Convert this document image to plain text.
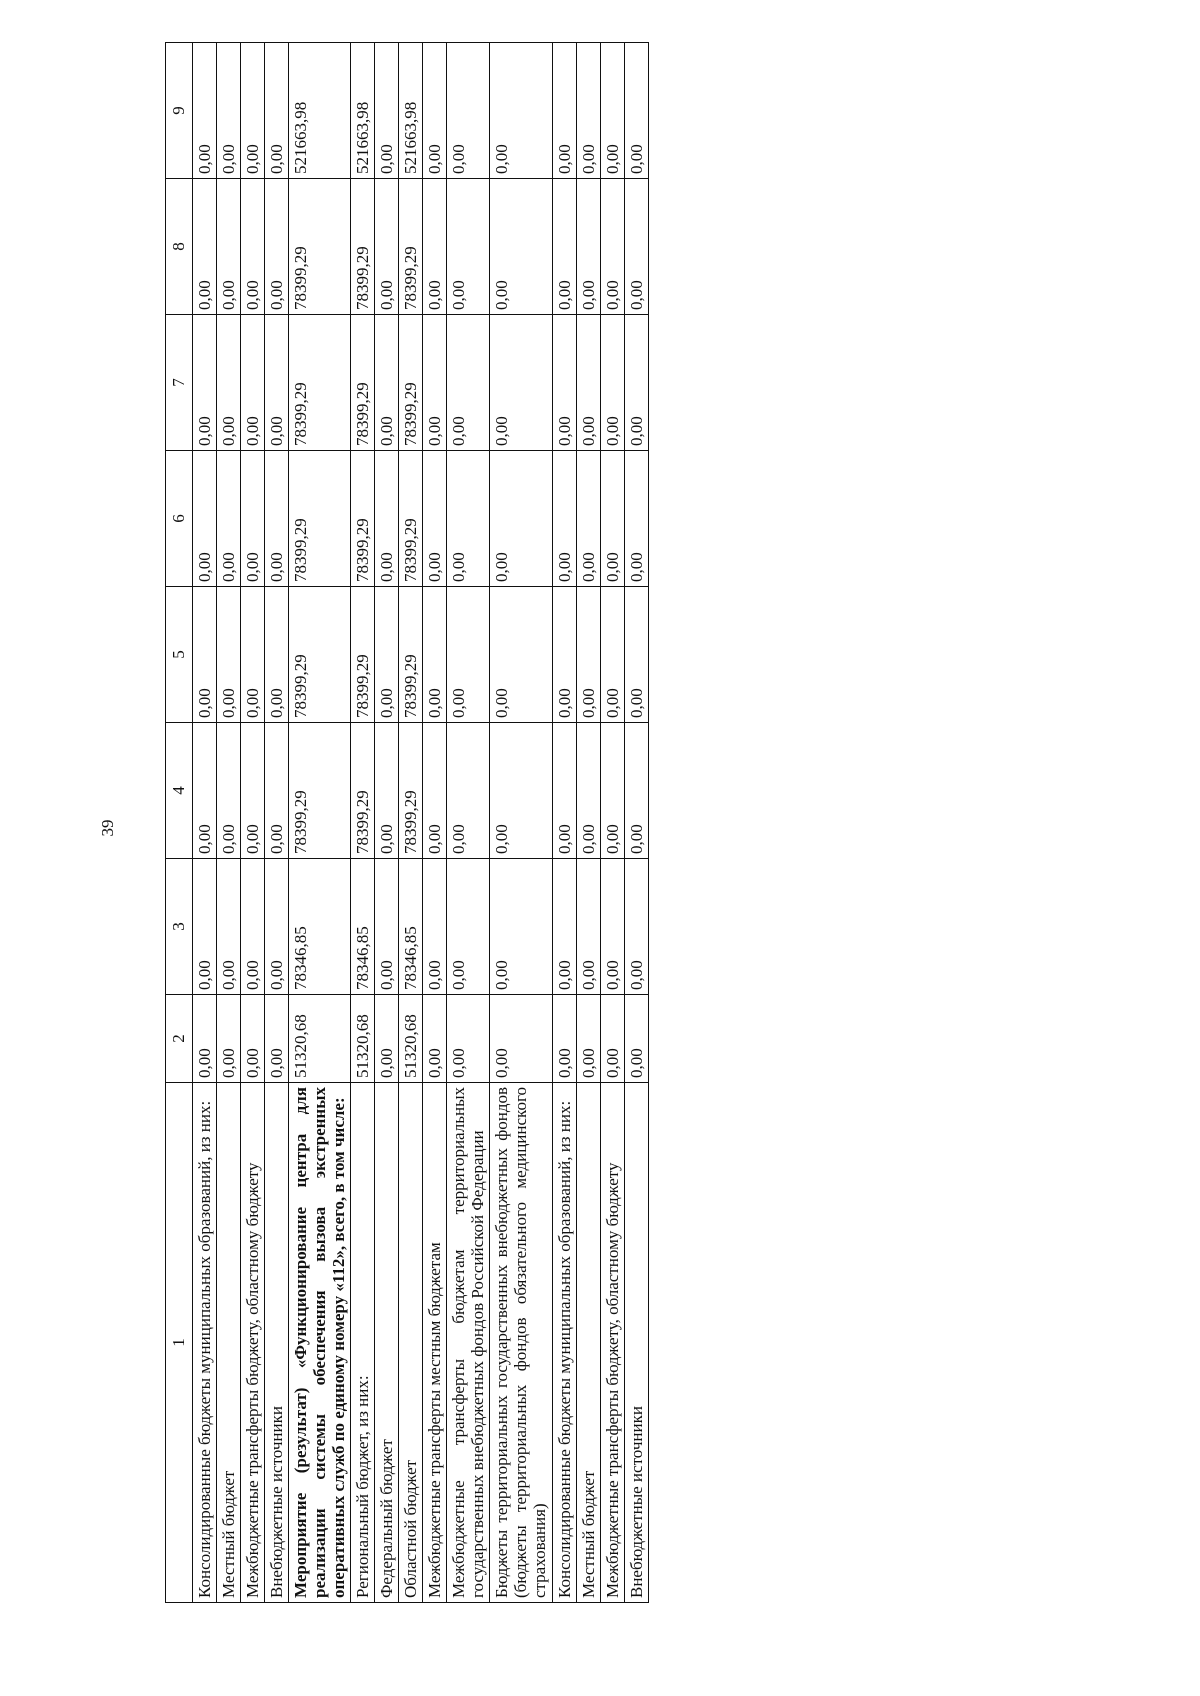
39
1	2	3	4	5	6	7	8	9
Консолидированные бюджеты муниципальных образований, из них:	0,00	0,00	0,00	0,00	0,00	0,00	0,00	0,00
Местный бюджет	0,00	0,00	0,00	0,00	0,00	0,00	0,00	0,00
Межбюджетные трансферты бюджету, областному бюджету	0,00	0,00	0,00	0,00	0,00	0,00	0,00	0,00
Внебюджетные источники	0,00	0,00	0,00	0,00	0,00	0,00	0,00	0,00
Мероприятие (результат) «Функционирование центра для реализации системы обеспечения вызова экстренных оперативных служб по единому номеру «112», всего, в том числе:	51320,68	78346,85	78399,29	78399,29	78399,29	78399,29	78399,29	521663,98
Региональный бюджет, из них:	51320,68	78346,85	78399,29	78399,29	78399,29	78399,29	78399,29	521663,98
Федеральный бюджет	0,00	0,00	0,00	0,00	0,00	0,00	0,00	0,00
Областной бюджет	51320,68	78346,85	78399,29	78399,29	78399,29	78399,29	78399,29	521663,98
Межбюджетные трансферты местным бюджетам	0,00	0,00	0,00	0,00	0,00	0,00	0,00	0,00
Межбюджетные трансферты бюджетам территориальных государственных внебюджетных фондов Российской Федерации	0,00	0,00	0,00	0,00	0,00	0,00	0,00	0,00
Бюджеты территориальных государственных внебюджетных фондов (бюджеты территориальных фондов обязательного медицинского страхования)	0,00	0,00	0,00	0,00	0,00	0,00	0,00	0,00
Консолидированные бюджеты муниципальных образований, из них:	0,00	0,00	0,00	0,00	0,00	0,00	0,00	0,00
Местный бюджет	0,00	0,00	0,00	0,00	0,00	0,00	0,00	0,00
Межбюджетные трансферты бюджету, областному бюджету	0,00	0,00	0,00	0,00	0,00	0,00	0,00	0,00
Внебюджетные источники	0,00	0,00	0,00	0,00	0,00	0,00	0,00	0,00
